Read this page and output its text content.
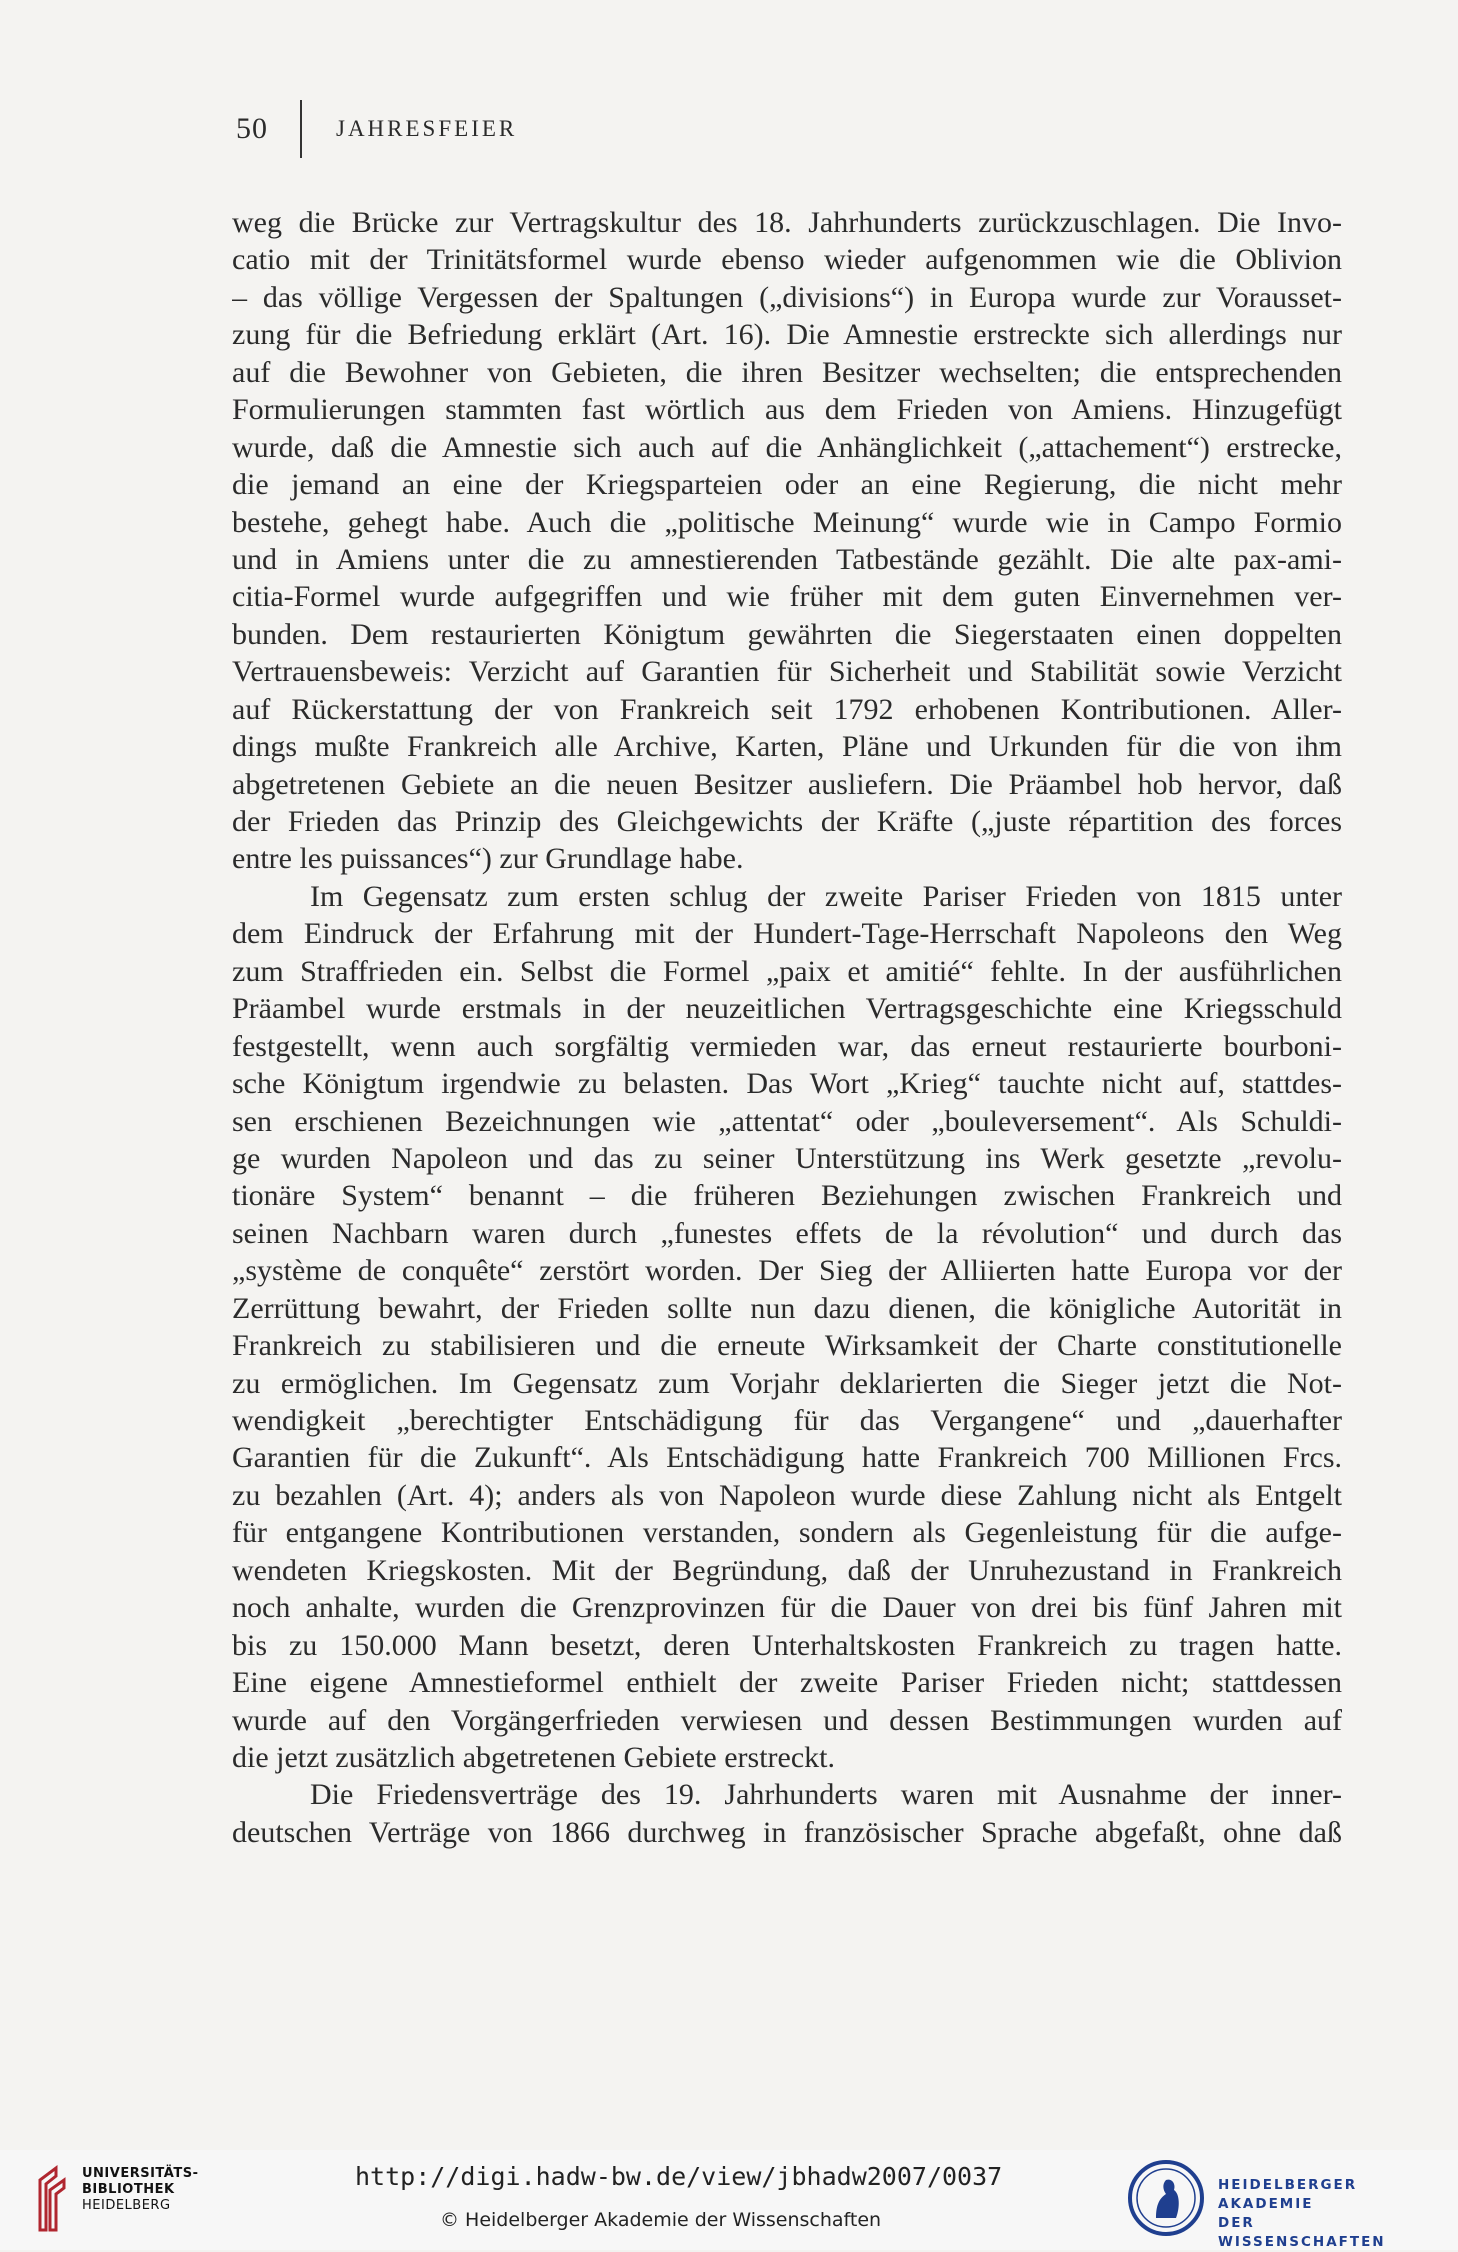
50	JAHRESFEIER
weg die Brücke zur Vertragskultur des 18. Jahrhunderts zurückzuschlagen. Die Invo-
catio mit der Trinitätsformel wurde ebenso wieder aufgenommen wie die Oblivion
– das völlige Vergessen der Spaltungen („divisions“) in Europa wurde zur Vorausset-
zung für die Befriedung erklärt (Art. 16). Die Amnestie erstreckte sich allerdings nur
auf die Bewohner von Gebieten, die ihren Besitzer wechselten; die entsprechenden
Formulierungen stammten fast wörtlich aus dem Frieden von Amiens. Hinzugefügt
wurde, daß die Amnestie sich auch auf die Anhänglichkeit („attachement“) erstrecke,
die jemand an eine der Kriegsparteien oder an eine Regierung, die nicht mehr
bestehe, gehegt habe. Auch die „politische Meinung“ wurde wie in Campo Formio
und in Amiens unter die zu amnestierenden Tatbestände gezählt. Die alte pax-ami-
citia-Formel wurde aufgegriffen und wie früher mit dem guten Einvernehmen ver-
bunden. Dem restaurierten Königtum gewährten die Siegerstaaten einen doppelten
Vertrauensbeweis: Verzicht auf Garantien für Sicherheit und Stabilität sowie Verzicht
auf Rückerstattung der von Frankreich seit 1792 erhobenen Kontributionen. Aller-
dings mußte Frankreich alle Archive, Karten, Pläne und Urkunden für die von ihm
abgetretenen Gebiete an die neuen Besitzer ausliefern. Die Präambel hob hervor, daß
der Frieden das Prinzip des Gleichgewichts der Kräfte („juste répartition des forces
entre les puissances“) zur Grundlage habe.
Im Gegensatz zum ersten schlug der zweite Pariser Frieden von 1815 unter
dem Eindruck der Erfahrung mit der Hundert-Tage-Herrschaft Napoleons den Weg
zum Straffrieden ein. Selbst die Formel „paix et amitié“ fehlte. In der ausführlichen
Präambel wurde erstmals in der neuzeitlichen Vertragsgeschichte eine Kriegsschuld
festgestellt, wenn auch sorgfältig vermieden war, das erneut restaurierte bourboni-
sche Königtum irgendwie zu belasten. Das Wort „Krieg“ tauchte nicht auf, stattdes-
sen erschienen Bezeichnungen wie „attentat“ oder „bouleversement“. Als Schuldi-
ge wurden Napoleon und das zu seiner Unterstützung ins Werk gesetzte „revolu-
tionäre System“ benannt – die früheren Beziehungen zwischen Frankreich und
seinen Nachbarn waren durch „funestes effets de la révolution“ und durch das
„système de conquête“ zerstört worden. Der Sieg der Alliierten hatte Europa vor der
Zerrüttung bewahrt, der Frieden sollte nun dazu dienen, die königliche Autorität in
Frankreich zu stabilisieren und die erneute Wirksamkeit der Charte constitutionelle
zu ermöglichen. Im Gegensatz zum Vorjahr deklarierten die Sieger jetzt die Not-
wendigkeit „berechtigter Entschädigung für das Vergangene“ und „dauerhafter
Garantien für die Zukunft“. Als Entschädigung hatte Frankreich 700 Millionen Frcs.
zu bezahlen (Art. 4); anders als von Napoleon wurde diese Zahlung nicht als Entgelt
für entgangene Kontributionen verstanden, sondern als Gegenleistung für die aufge-
wendeten Kriegskosten. Mit der Begründung, daß der Unruhezustand in Frankreich
noch anhalte, wurden die Grenzprovinzen für die Dauer von drei bis fünf Jahren mit
bis zu 150.000 Mann besetzt, deren Unterhaltskosten Frankreich zu tragen hatte.
Eine eigene Amnestieformel enthielt der zweite Pariser Frieden nicht; stattdessen
wurde auf den Vorgängerfrieden verwiesen und dessen Bestimmungen wurden auf
die jetzt zusätzlich abgetretenen Gebiete erstreckt.
Die Friedensverträge des 19. Jahrhunderts waren mit Ausnahme der inner-
deutschen Verträge von 1866 durchweg in französischer Sprache abgefaßt, ohne daß
UNIVERSITÄTS-
BIBLIOTHEK
HEIDELBERG
http://digi.hadw-bw.de/view/jbhadw2007/0037
© Heidelberger Akademie der Wissenschaften
HEIDELBERGER AKADEMIE
DER WISSENSCHAFTEN
